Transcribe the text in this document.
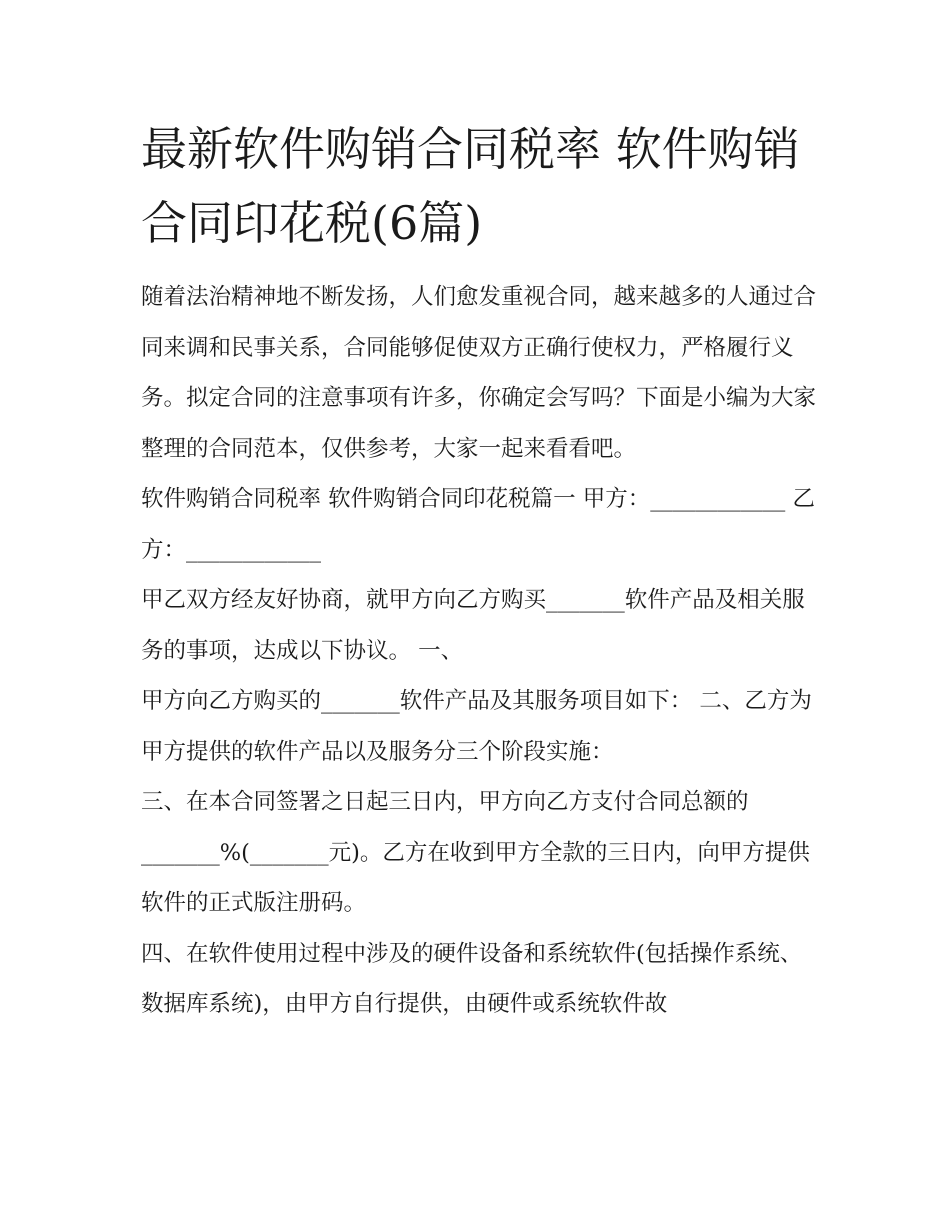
最新软件购销合同税率 软件购销合同印花税(6篇)

随着法治精神地不断发扬，人们愈发重视合同，越来越多的人通过合同来调和民事关系，合同能够促使双方正确行使权力，严格履行义务。拟定合同的注意事项有许多，你确定会写吗？下面是小编为大家整理的合同范本，仅供参考，大家一起来看看吧。

软件购销合同税率 软件购销合同印花税篇一 甲方：____________ 乙方：____________

甲乙双方经友好协商，就甲方向乙方购买_______软件产品及相关服务的事项，达成以下协议。 一、

甲方向乙方购买的_______软件产品及其服务项目如下： 二、乙方为甲方提供的软件产品以及服务分三个阶段实施：

三、在本合同签署之日起三日内，甲方向乙方支付合同总额的_______%(_______元)。乙方在收到甲方全款的三日内，向甲方提供软件的正式版注册码。

四、在软件使用过程中涉及的硬件设备和系统软件(包括操作系统、数据库系统)，由甲方自行提供，由硬件或系统软件故
